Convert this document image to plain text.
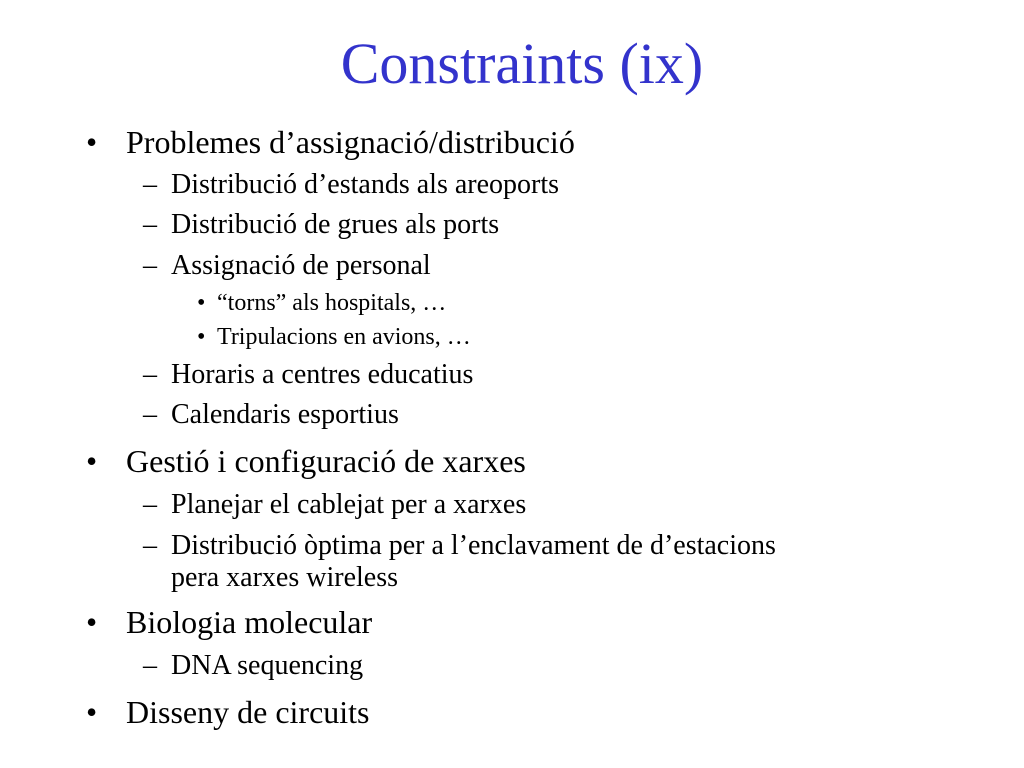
Constraints (ix)
• Problemes d’assignació/distribució
– Distribució d’estands als areoports
– Distribució de grues als ports
– Assignació de personal
• “torns” als hospitals, …
• Tripulacions en avions, …
– Horaris a centres educatius
– Calendaris esportius
• Gestió i configuració de xarxes
– Planejar el cablejat per a xarxes
– Distribució òptima per a l’enclavament de d’estacions
pera xarxes wireless
• Biologia molecular
– DNA sequencing
• Disseny de circuits
